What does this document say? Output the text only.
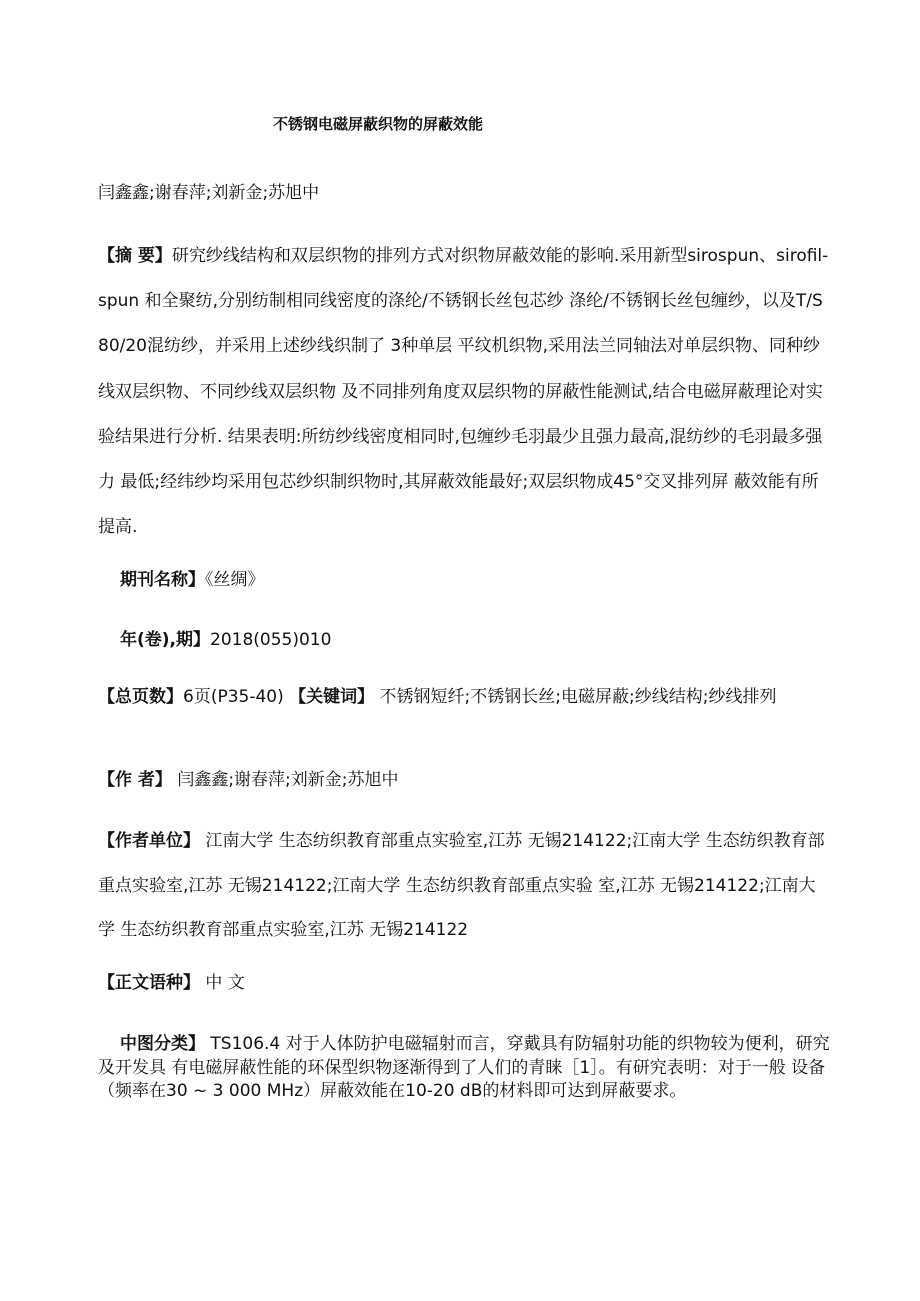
不锈钢电磁屏蔽织物的屏蔽效能
闫鑫鑫;谢春萍;刘新金;苏旭中
【摘 要】研究纱线结构和双层织物的排列方式对织物屏蔽效能的影响.采用新型sirospun、sirofil-spun 和全聚纺,分别纺制相同线密度的涤纶/不锈钢长丝包芯纱 涤纶/不锈钢长丝包缠纱，以及T/S 80/20混纺纱，并采用上述纱线织制了 3种单层 平纹机织物,采用法兰同轴法对单层织物、同种纱线双层织物、不同纱线双层织物 及不同排列角度双层织物的屏蔽性能测试,结合电磁屏蔽理论对实验结果进行分析. 结果表明:所纺纱线密度相同时,包缠纱毛羽最少且强力最高,混纺纱的毛羽最多强力 最低;经纬纱均采用包芯纱织制织物时,其屏蔽效能最好;双层织物成45°交叉排列屏 蔽效能有所提高.
期刊名称】《丝绸》
年(卷),期】2018(055)010
【总页数】6页(P35-40) 【关键词】 不锈钢短纤;不锈钢长丝;电磁屏蔽;纱线结构;纱线排列
【作 者】 闫鑫鑫;谢春萍;刘新金;苏旭中
【作者单位】 江南大学 生态纺织教育部重点实验室,江苏 无锡214122;江南大学 生态纺织教育部重点实验室,江苏 无锡214122;江南大学 生态纺织教育部重点实验 室,江苏 无锡214122;江南大学 生态纺织教育部重点实验室,江苏 无锡214122
【正文语种】 中 文
中图分类】 TS106.4 对于人体防护电磁辐射而言，穿戴具有防辐射功能的织物较为便利，研究及开发具 有电磁屏蔽性能的环保型织物逐渐得到了人们的青睐［1］。有研究表明：对于一般 设备（频率在30 ~ 3 000 MHz）屏蔽效能在10-20 dB的材料即可达到屏蔽要求。
